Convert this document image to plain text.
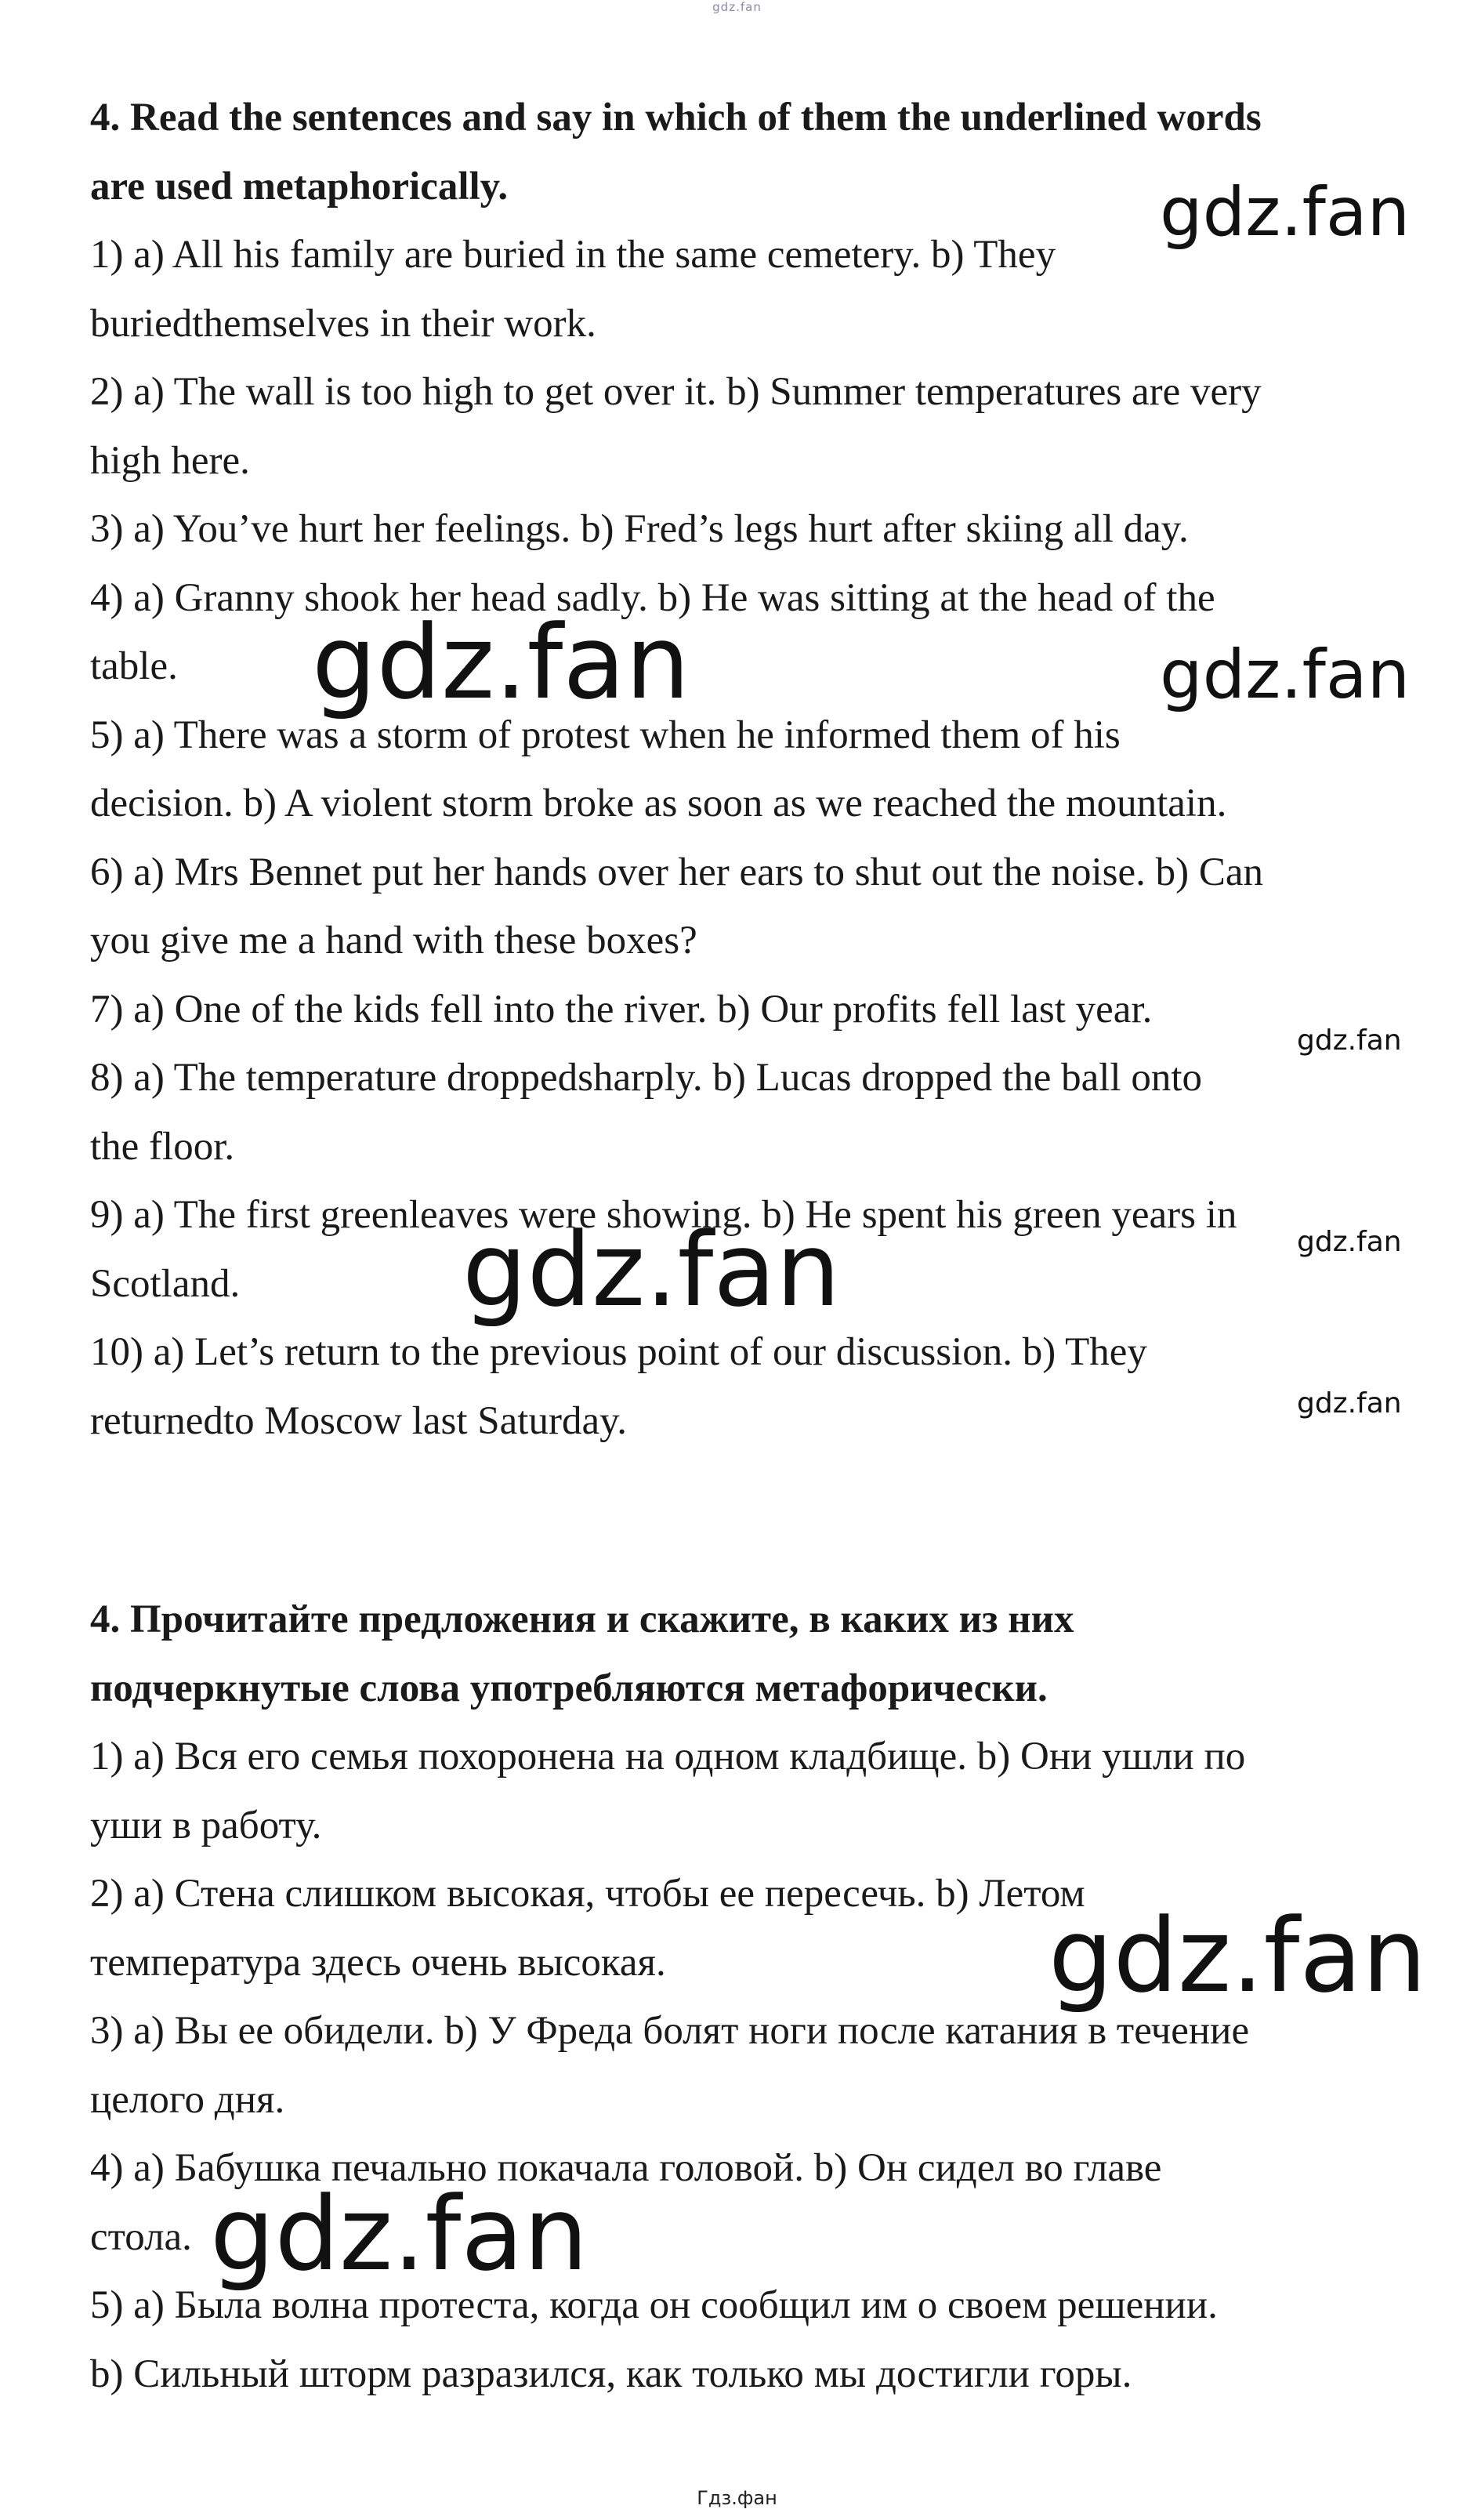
gdz.fan

4. Read the sentences and say in which of them the underlined words

are used metaphorically.

1) a) All his family are buried in the same cemetery. b) They

buriedthemselves in their work.

2) a) The wall is too high to get over it. b) Summer temperatures are very

high here.

3) a) You’ve hurt her feelings. b) Fred’s legs hurt after skiing all day.

4) a) Granny shook her head sadly. b) He was sitting at the head of the

table.

5) a) There was a storm of protest when he informed them of his

decision. b) A violent storm broke as soon as we reached the mountain.

6) a) Mrs Bennet put her hands over her ears to shut out the noise. b) Can

you give me a hand with these boxes?

7) a) One of the kids fell into the river. b) Our profits fell last year.

8) a) The temperature droppedsharply. b) Lucas dropped the ball onto

the floor.

9) a) The first greenleaves were showing. b) He spent his green years in

Scotland.

10) a) Let’s return to the previous point of our discussion. b) They

returnedto Moscow last Saturday.

4. Прочитайте предложения и скажите, в каких из них

подчеркнутые слова употребляются метафорически.

1) а) Вся его семья похоронена на одном кладбище. b) Они ушли по

уши в работу.

2) а) Стена слишком высокая, чтобы ее пересечь. b) Летом

температура здесь очень высокая.

3) а) Вы ее обидели. b) У Фреда болят ноги после катания в течение

целого дня.

4) а) Бабушка печально покачала головой. b) Он сидел во главе

стола.

5) а) Была волна протеста, когда он сообщил им о своем решении.

b) Сильный шторм разразился, как только мы достигли горы.

gdz.fan
gdz.fan	gdz.fan
gdz.fan
gdz.fan	gdz.fan
gdz.fan
gdz.fan
gdz.fan
Гдз.фан
